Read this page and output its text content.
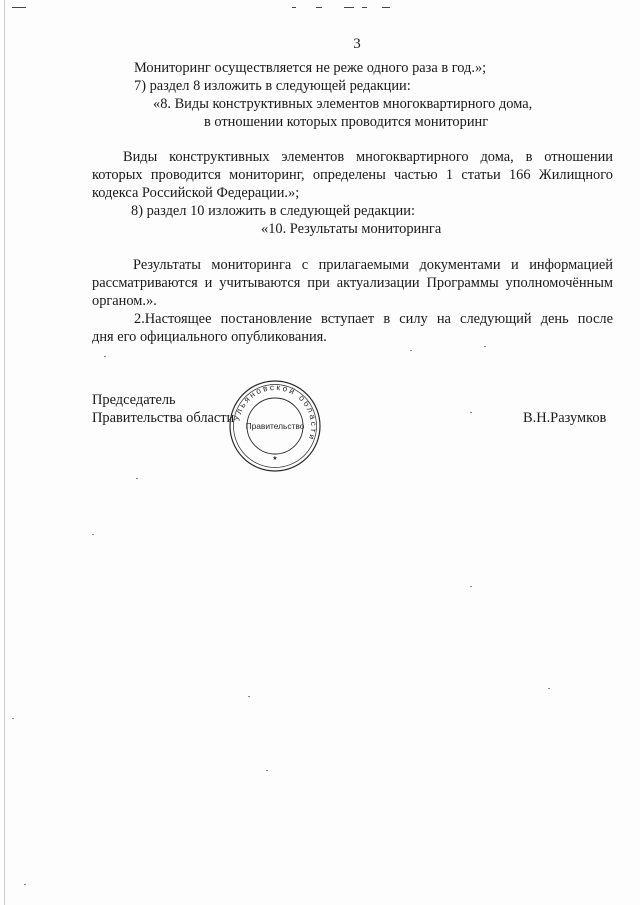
3
Мониторинг осуществляется не реже одного раза в год.»;
7) раздел 8 изложить в следующей редакции:
«8. Виды конструктивных элементов многоквартирного дома,
в отношении которых проводится мониторинг
Виды конструктивных элементов многоквартирного дома, в отношении
которых проводится мониторинг, определены частью 1 статьи 166 Жилищного
кодекса Российской Федерации.»;
8) раздел 10 изложить в следующей редакции:
«10. Результаты мониторинга
Результаты мониторинга с прилагаемыми документами и информацией
рассматриваются и учитываются при актуализации Программы уполномочённым
органом.».
2.Настоящее постановление вступает в силу на следующий день после
дня его официального опубликования.
Председатель
Правительства области	В.Н.Разумков
Ульяновской области
Правительство
★
